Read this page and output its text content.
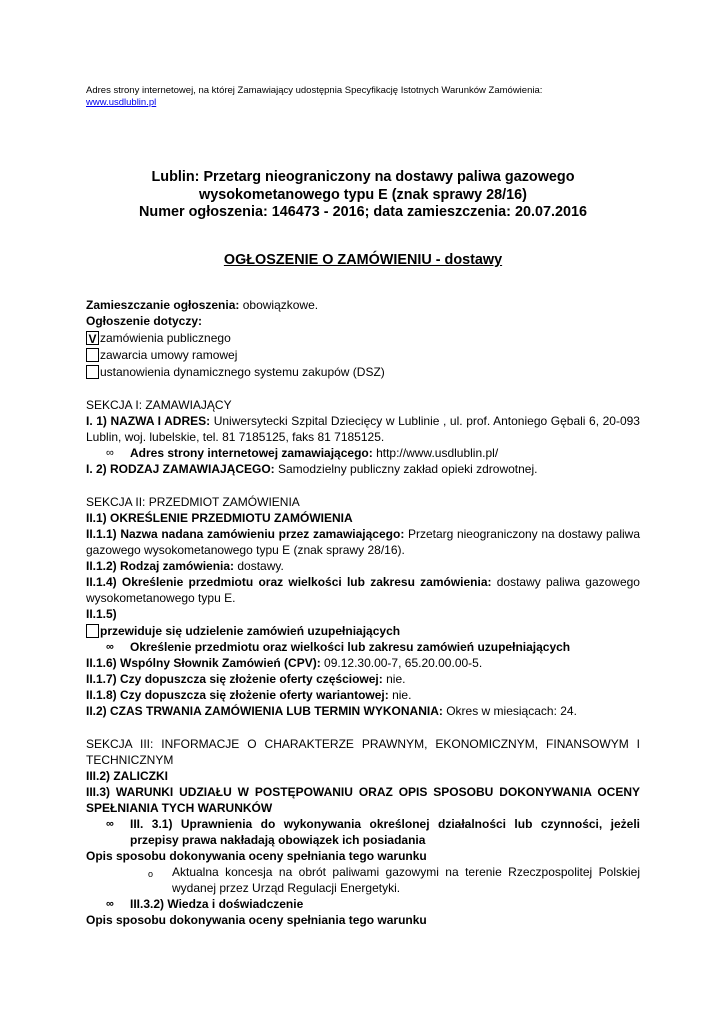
Adres strony internetowej, na której Zamawiający udostępnia Specyfikację Istotnych Warunków Zamówienia:
www.usdlublin.pl
Lublin: Przetarg nieograniczony na dostawy paliwa gazowego
wysokometanowego typu E (znak sprawy 28/16)
Numer ogłoszenia: 146473 - 2016; data zamieszczenia: 20.07.2016
OGŁOSZENIE O ZAMÓWIENIU - dostawy

Zamieszczanie ogłoszenia: obowiązkowe.

Ogłoszenie dotyczy:

V zamówienia publicznego
zawarcia umowy ramowej
ustanowienia dynamicznego systemu zakupów (DSZ)

SEKCJA I: ZAMAWIAJĄCY

I. 1) NAZWA I ADRES: Uniwersytecki Szpital Dziecięcy w Lublinie , ul. prof. Antoniego Gębali 6, 20-093 Lublin, woj. lubelskie, tel. 81 7185125, faks 81 7185125.

∞	Adres strony internetowej zamawiającego: http://www.usdlublin.pl/

I. 2) RODZAJ ZAMAWIAJĄCEGO: Samodzielny publiczny zakład opieki zdrowotnej.

SEKCJA II: PRZEDMIOT ZAMÓWIENIA

II.1) OKREŚLENIE PRZEDMIOTU ZAMÓWIENIA

II.1.1) Nazwa nadana zamówieniu przez zamawiającego: Przetarg nieograniczony na dostawy paliwa gazowego wysokometanowego typu E (znak sprawy 28/16).

II.1.2) Rodzaj zamówienia: dostawy.

II.1.4) Określenie przedmiotu oraz wielkości lub zakresu zamówienia: dostawy paliwa gazowego wysokometanowego typu E.

II.1.5)

przewiduje się udzielenie zamówień uzupełniających
∞	Określenie przedmiotu oraz wielkości lub zakresu zamówień uzupełniających

II.1.6) Wspólny Słownik Zamówień (CPV): 09.12.30.00-7, 65.20.00.00-5.

II.1.7) Czy dopuszcza się złożenie oferty częściowej: nie.

II.1.8) Czy dopuszcza się złożenie oferty wariantowej: nie.

II.2) CZAS TRWANIA ZAMÓWIENIA LUB TERMIN WYKONANIA: Okres w miesiącach: 24.

SEKCJA III: INFORMACJE O CHARAKTERZE PRAWNYM, EKONOMICZNYM, FINANSOWYM I TECHNICZNYM

III.2) ZALICZKI

III.3) WARUNKI UDZIAŁU W POSTĘPOWANIU ORAZ OPIS SPOSOBU DOKONYWANIA OCENY SPEŁNIANIA TYCH WARUNKÓW

∞	III. 3.1) Uprawnienia do wykonywania określonej działalności lub czynności, jeżeli przepisy prawa nakładają obowiązek ich posiadania

Opis sposobu dokonywania oceny spełniania tego warunku

o	Aktualna koncesja na obrót paliwami gazowymi na terenie Rzeczpospolitej Polskiej wydanej przez Urząd Regulacji Energetyki.
∞	III.3.2) Wiedza i doświadczenie

Opis sposobu dokonywania oceny spełniania tego warunku
